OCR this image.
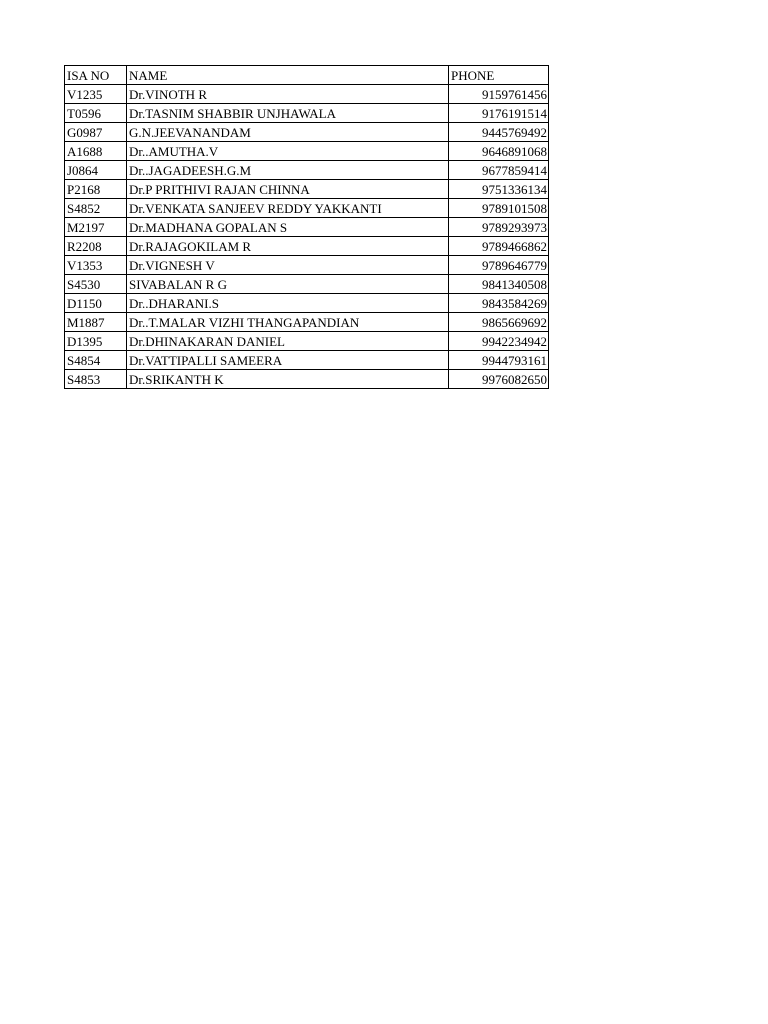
ISA NO	NAME	PHONE
V1235	Dr.VINOTH R	9159761456
T0596	Dr.TASNIM SHABBIR UNJHAWALA	9176191514
G0987	G.N.JEEVANANDAM	9445769492
A1688	Dr..AMUTHA.V	9646891068
J0864	Dr..JAGADEESH.G.M	9677859414
P2168	Dr.P PRITHIVI RAJAN CHINNA	9751336134
S4852	Dr.VENKATA SANJEEV REDDY YAKKANTI	9789101508
M2197	Dr.MADHANA GOPALAN S	9789293973
R2208	Dr.RAJAGOKILAM R	9789466862
V1353	Dr.VIGNESH V	9789646779
S4530	SIVABALAN R G	9841340508
D1150	Dr..DHARANI.S	9843584269
M1887	Dr..T.MALAR VIZHI THANGAPANDIAN	9865669692
D1395	Dr.DHINAKARAN DANIEL	9942234942
S4854	Dr.VATTIPALLI SAMEERA	9944793161
S4853	Dr.SRIKANTH K	9976082650
